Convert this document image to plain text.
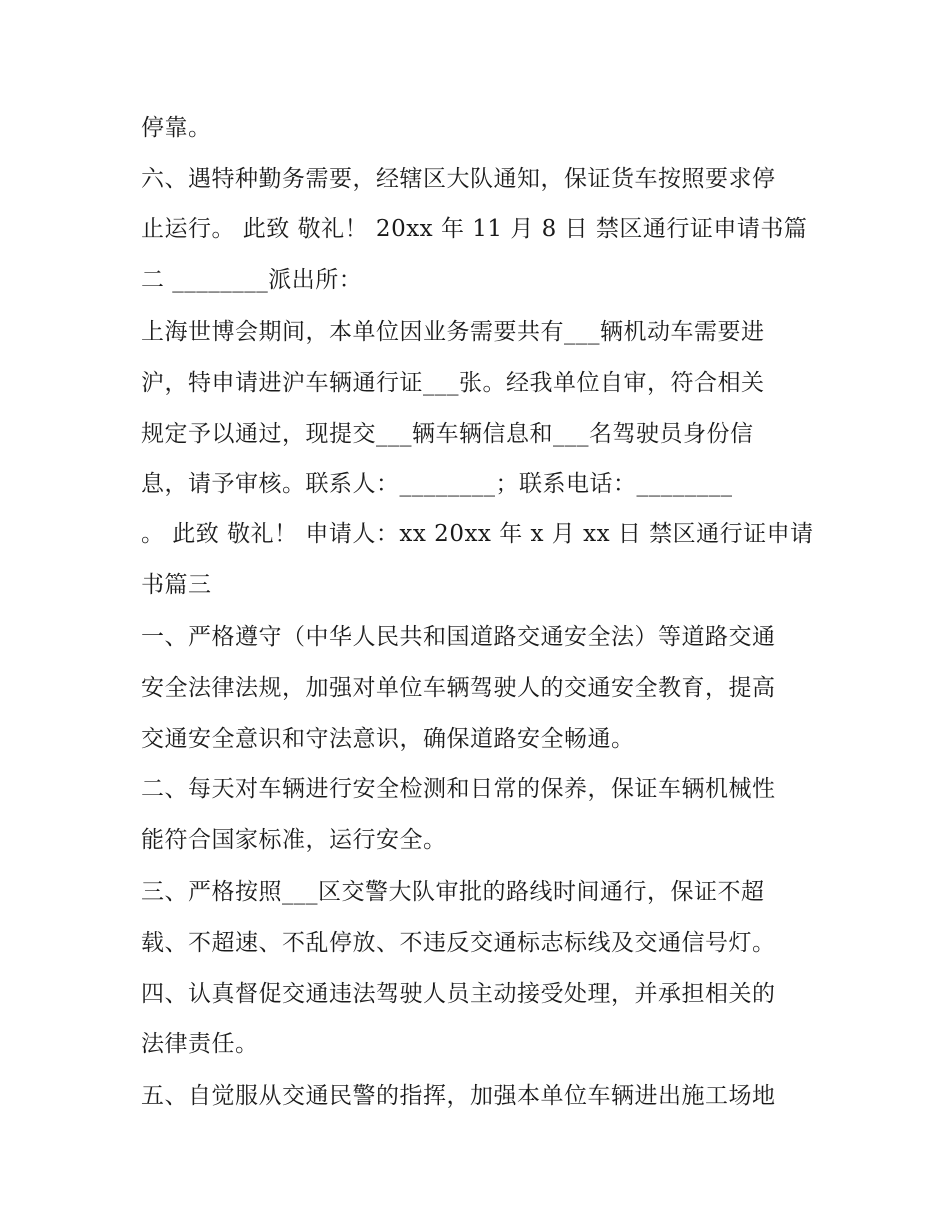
停靠。
六、遇特种勤务需要，经辖区大队通知，保证货车按照要求停
止运行。 此致 敬礼！ 20xx 年 11 月 8 日 禁区通行证申请书篇
二 ________派出所：
上海世博会期间，本单位因业务需要共有___辆机动车需要进
沪，特申请进沪车辆通行证___张。经我单位自审，符合相关
规定予以通过，现提交___辆车辆信息和___名驾驶员身份信
息，请予审核。联系人：________；联系电话：________
。 此致 敬礼！ 申请人：xx 20xx 年 x 月 xx 日 禁区通行证申请
书篇三
一、严格遵守（中华人民共和国道路交通安全法）等道路交通
安全法律法规，加强对单位车辆驾驶人的交通安全教育，提高
交通安全意识和守法意识，确保道路安全畅通。
二、每天对车辆进行安全检测和日常的保养，保证车辆机械性
能符合国家标准，运行安全。
三、严格按照___区交警大队审批的路线时间通行，保证不超
载、不超速、不乱停放、不违反交通标志标线及交通信号灯。
四、认真督促交通违法驾驶人员主动接受处理，并承担相关的
法律责任。
五、自觉服从交通民警的指挥，加强本单位车辆进出施工场地
